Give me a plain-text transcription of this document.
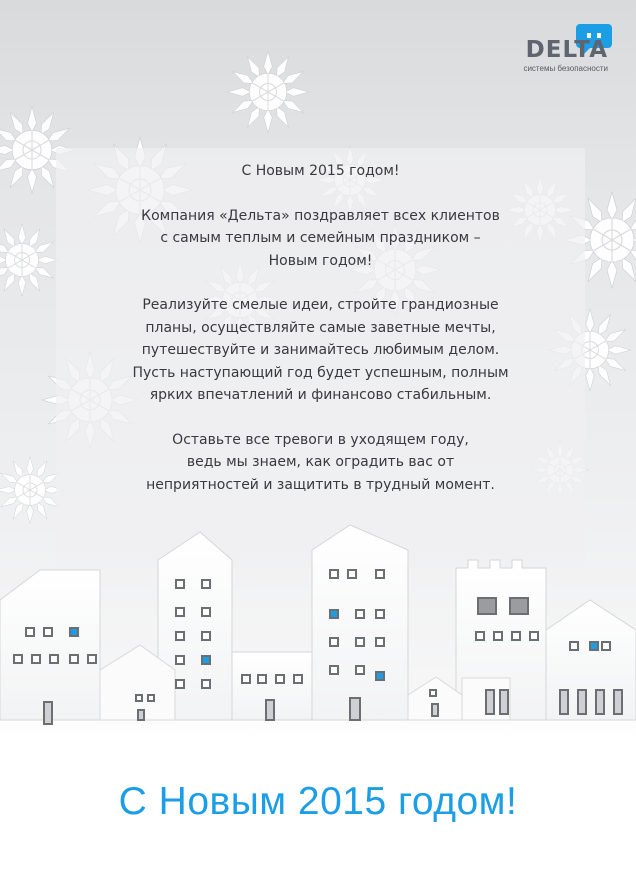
DELTA
системы безопасности

С Новым 2015 годом!

Компания «Дельта» поздравляет всех клиентов
с самым теплым и семейным праздником –
Новым годом!

Реализуйте смелые идеи, стройте грандиозные
планы, осуществляйте самые заветные мечты,
путешествуйте и занимайтесь любимым делом.
Пусть наступающий год будет успешным, полным
ярких впечатлений и финансово стабильным.

Оставьте все тревоги в уходящем году,
ведь мы знаем, как оградить вас от
неприятностей и защитить в трудный момент.

С Новым 2015 годом!
